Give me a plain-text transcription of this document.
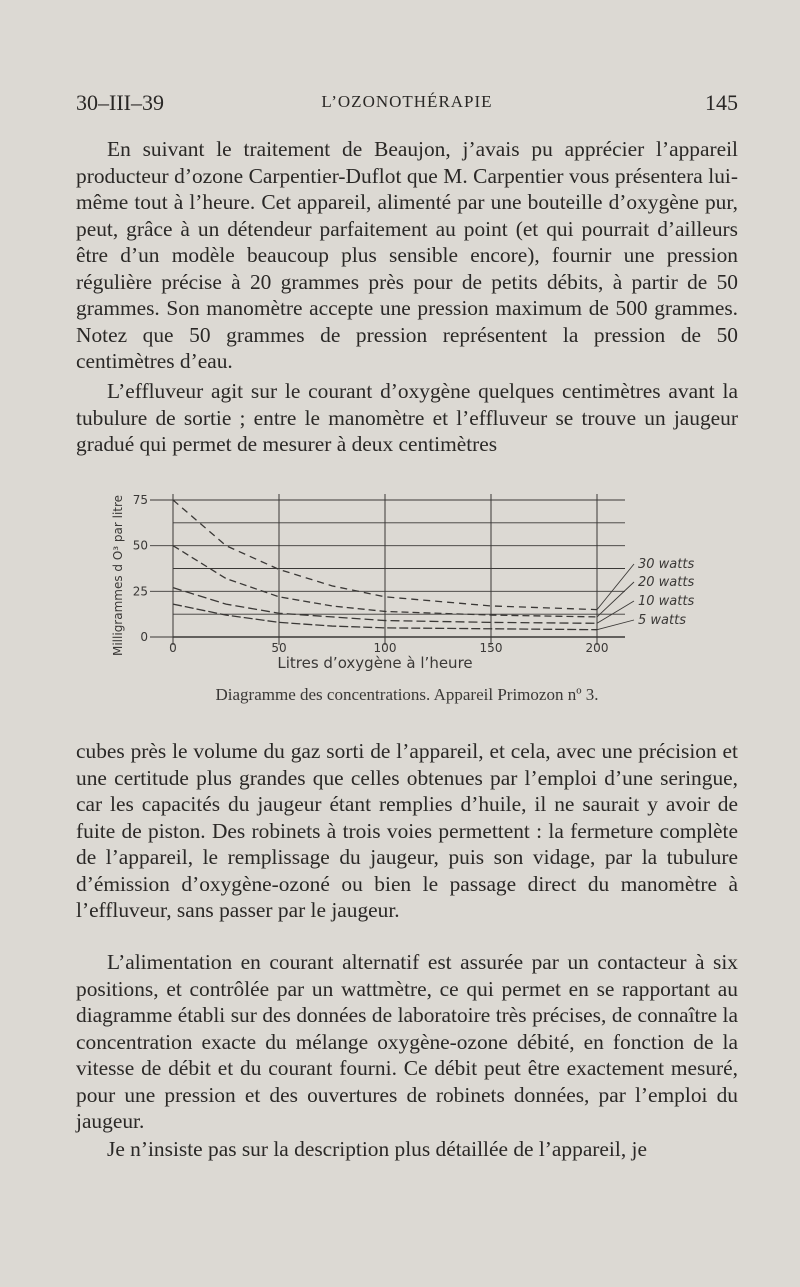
30–III–39	L’OZONOTHÉRAPIE	145

En suivant le traitement de Beaujon, j’avais pu apprécier l’appareil producteur d’ozone Carpentier-Duflot que M. Carpentier vous présentera lui-même tout à l’heure. Cet appareil, alimenté par une bouteille d’oxygène pur, peut, grâce à un détendeur parfaitement au point (et qui pourrait d’ailleurs être d’un modèle beaucoup plus sensible encore), fournir une pression régulière précise à 20 grammes près pour de petits débits, à partir de 50 grammes. Son manomètre accepte une pression maximum de 500 grammes. Notez que 50 grammes de pression représentent la pression de 50 centimètres d’eau.

L’effluveur agit sur le courant d’oxygène quelques centimètres avant la tubulure de sortie ; entre le manomètre et l’effluveur se trouve un jaugeur gradué qui permet de mesurer à deux centimètres

0
25
50
75
0	50	100	150	200
30 watts
20 watts
10 watts
5 watts
Milligrammes d O³ par litre
Litres d’oxygène à l’heure
Diagramme des concentrations. Appareil Primozon nº 3.

cubes près le volume du gaz sorti de l’appareil, et cela, avec une précision et une certitude plus grandes que celles obtenues par l’emploi d’une seringue, car les capacités du jaugeur étant remplies d’huile, il ne saurait y avoir de fuite de piston. Des robinets à trois voies permettent : la fermeture complète de l’appareil, le remplissage du jaugeur, puis son vidage, par la tubulure d’émission d’oxygène-ozoné ou bien le passage direct du manomètre à l’effluveur, sans passer par le jaugeur.

L’alimentation en courant alternatif est assurée par un contacteur à six positions, et contrôlée par un wattmètre, ce qui permet en se rapportant au diagramme établi sur des données de laboratoire très précises, de connaître la concentration exacte du mélange oxygène-ozone débité, en fonction de la vitesse de débit et du courant fourni. Ce débit peut être exactement mesuré, pour une pression et des ouvertures de robinets données, par l’emploi du jaugeur.

Je n’insiste pas sur la description plus détaillée de l’appareil, je
